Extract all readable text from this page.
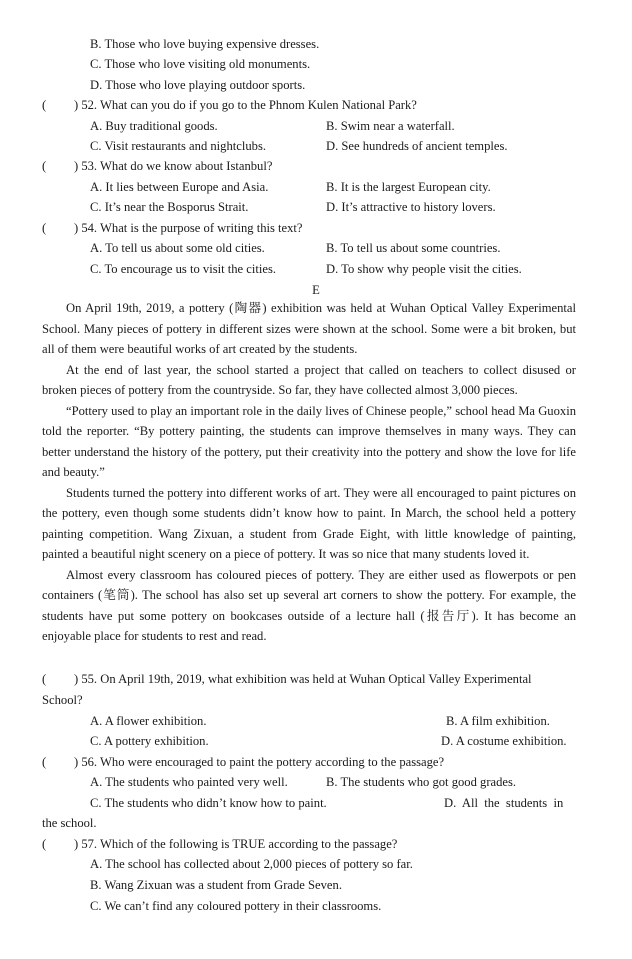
B. Those who love buying expensive dresses.
C. Those who love visiting old monuments.
D. Those who love playing outdoor sports.
( ) 52. What can you do if you go to the Phnom Kulen National Park?
A. Buy traditional goods.	B. Swim near a waterfall.
C. Visit restaurants and nightclubs.	D. See hundreds of ancient temples.
( ) 53. What do we know about Istanbul?
A. It lies between Europe and Asia.	B. It is the largest European city.
C. It’s near the Bosporus Strait.	D. It’s attractive to history lovers.
( ) 54. What is the purpose of writing this text?
A. To tell us about some old cities.	B. To tell us about some countries.
C. To encourage us to visit the cities.	D. To show why people visit the cities.
E

On April 19th, 2019, a pottery (陶器) exhibition was held at Wuhan Optical Valley Experimental School. Many pieces of pottery in different sizes were shown at the school. Some were a bit broken, but all of them were beautiful works of art created by the students.

At the end of last year, the school started a project that called on teachers to collect disused or broken pieces of pottery from the countryside. So far, they have collected almost 3,000 pieces.

“Pottery used to play an important role in the daily lives of Chinese people,” school head Ma Guoxin told the reporter. “By pottery painting, the students can improve themselves in many ways. They can better understand the history of the pottery, put their creativity into the pottery and show the love for life and beauty.”

Students turned the pottery into different works of art. They were all encouraged to paint pictures on the pottery, even though some students didn’t know how to paint. In March, the school held a pottery painting competition. Wang Zixuan, a student from Grade Eight, with little knowledge of painting, painted a beautiful night scenery on a piece of pottery. It was so nice that many students loved it.

Almost every classroom has coloured pieces of pottery. They are either used as flowerpots or pen containers (笔筒). The school has also set up several art corners to show the pottery. For example, the students have put some pottery on bookcases outside of a lecture hall (报告厅). It has become an enjoyable place for students to rest and read.

( ) 55. On April 19th, 2019, what exhibition was held at Wuhan Optical Valley Experimental
School?
A. A flower exhibition.	B. A film exhibition.
C. A pottery exhibition.	D. A costume exhibition.
( ) 56. Who were encouraged to paint the pottery according to the passage?
A. The students who painted very well.	B. The students who got good grades.
C. The students who didn’t know how to paint.	D.  All  the  students  in
the school.
( ) 57. Which of the following is TRUE according to the passage?
A. The school has collected about 2,000 pieces of pottery so far.
B. Wang Zixuan was a student from Grade Seven.
C. We can’t find any coloured pottery in their classrooms.
